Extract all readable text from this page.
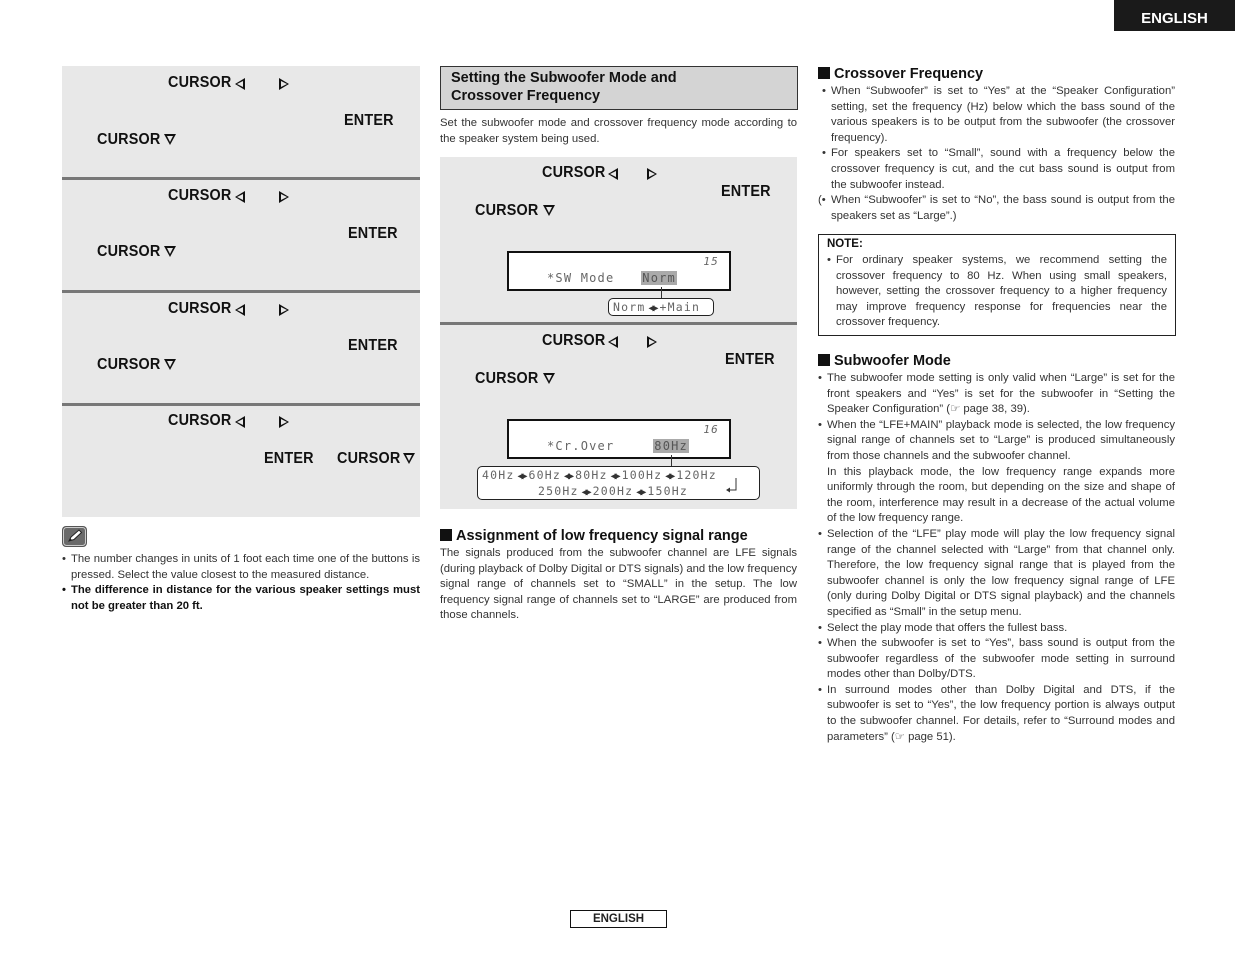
ENGLISH
CURSOR
ENTER
CURSOR
CURSOR
ENTER
CURSOR
CURSOR
ENTER
CURSOR
CURSOR
ENTER CURSOR
• The number changes in units of 1 foot each time one of the buttons is pressed. Select the value closest to the measured distance.
• The difference in distance for the various speaker settings must not be greater than 20 ft.
Setting the Subwoofer Mode and
Crossover Frequency
Set the subwoofer mode and crossover frequency mode according to the speaker system being used.
CURSOR
ENTER
CURSOR
15
*SW Mode Norm
Norm ◀▶ +Main
CURSOR
ENTER
CURSOR
16
*Cr.Over	80Hz
40Hz ◀▶ 60Hz ◀▶ 80Hz ◀▶ 100Hz ◀▶ 120Hz
250Hz ◀▶ 200Hz ◀▶ 150Hz
Assignment of low frequency signal range
The signals produced from the subwoofer channel are LFE signals (during playback of Dolby Digital or DTS signals) and the low frequency signal range of channels set to “SMALL” in the setup. The low frequency signal range of channels set to “LARGE” are produced from those channels.
Crossover Frequency
• When “Subwoofer” is set to “Yes” at the “Speaker Configuration” setting, set the frequency (Hz) below which the bass sound of the various speakers is to be output from the subwoofer (the crossover frequency).
• For speakers set to “Small”, sound with a frequency below the crossover frequency is cut, and the cut bass sound is output from the subwoofer instead.
(• When “Subwoofer” is set to “No”, the bass sound is output from the speakers set as “Large”.)
NOTE:
• For ordinary speaker systems, we recommend setting the crossover frequency to 80 Hz. When using small speakers, however, setting the crossover frequency to a higher frequency may improve frequency response for frequencies near the crossover frequency.
Subwoofer Mode
• The subwoofer mode setting is only valid when “Large” is set for the front speakers and “Yes” is set for the subwoofer in “Setting the Speaker Configuration” (☞ page 38, 39).
• When the “LFE+MAIN” playback mode is selected, the low frequency signal range of channels set to “Large” is produced simultaneously from those channels and the subwoofer channel.
In this playback mode, the low frequency range expands more uniformly through the room, but depending on the size and shape of the room, interference may result in a decrease of the actual volume of the low frequency range.
• Selection of the “LFE” play mode will play the low frequency signal range of the channel selected with “Large” from that channel only. Therefore, the low frequency signal range that is played from the subwoofer channel is only the low frequency signal range of LFE (only during Dolby Digital or DTS signal playback) and the channels specified as “Small” in the setup menu.
• Select the play mode that offers the fullest bass.
• When the subwoofer is set to “Yes”, bass sound is output from the subwoofer regardless of the subwoofer mode setting in surround modes other than Dolby/DTS.
• In surround modes other than Dolby Digital and DTS, if the subwoofer is set to “Yes”, the low frequency portion is always output to the subwoofer channel. For details, refer to “Surround modes and parameters” (☞ page 51).
ENGLISH
